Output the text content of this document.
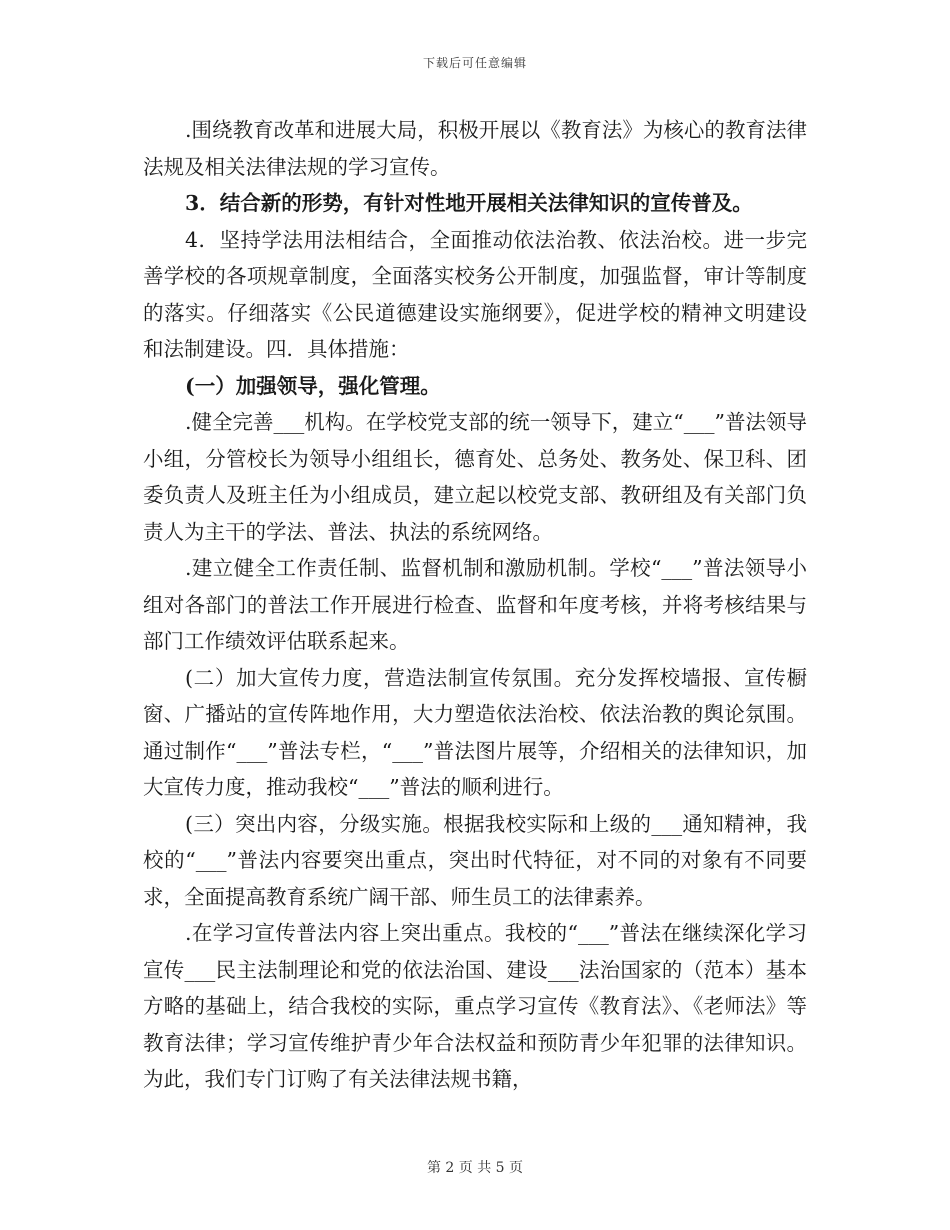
下载后可任意编辑

.围绕教育改革和进展大局，积极开展以《教育法》为核心的教育法律法规及相关法律法规的学习宣传。

3．结合新的形势，有针对性地开展相关法律知识的宣传普及。

4．坚持学法用法相结合，全面推动依法治教、依法治校。进一步完善学校的各项规章制度，全面落实校务公开制度，加强监督，审计等制度的落实。仔细落实《公民道德建设实施纲要》，促进学校的精神文明建设和法制建设。四．具体措施：

(一）加强领导，强化管理。

.健全完善___机构。在学校党支部的统一领导下，建立“___”普法领导小组，分管校长为领导小组组长，德育处、总务处、教务处、保卫科、团委负责人及班主任为小组成员，建立起以校党支部、教研组及有关部门负责人为主干的学法、普法、执法的系统网络。

.建立健全工作责任制、监督机制和激励机制。学校“___”普法领导小组对各部门的普法工作开展进行检查、监督和年度考核，并将考核结果与部门工作绩效评估联系起来。

(二）加大宣传力度，营造法制宣传氛围。充分发挥校墙报、宣传橱窗、广播站的宣传阵地作用，大力塑造依法治校、依法治教的舆论氛围。通过制作“___”普法专栏，“___”普法图片展等，介绍相关的法律知识，加大宣传力度，推动我校“___”普法的顺利进行。

(三）突出内容，分级实施。根据我校实际和上级的___通知精神，我校的“___”普法内容要突出重点，突出时代特征，对不同的对象有不同要求，全面提高教育系统广阔干部、师生员工的法律素养。

.在学习宣传普法内容上突出重点。我校的“___”普法在继续深化学习宣传___民主法制理论和党的依法治国、建设___法治国家的（范本）基本方略的基础上，结合我校的实际，重点学习宣传《教育法》、《老师法》等教育法律；学习宣传维护青少年合法权益和预防青少年犯罪的法律知识。为此，我们专门订购了有关法律法规书籍，

第 2 页 共 5 页
